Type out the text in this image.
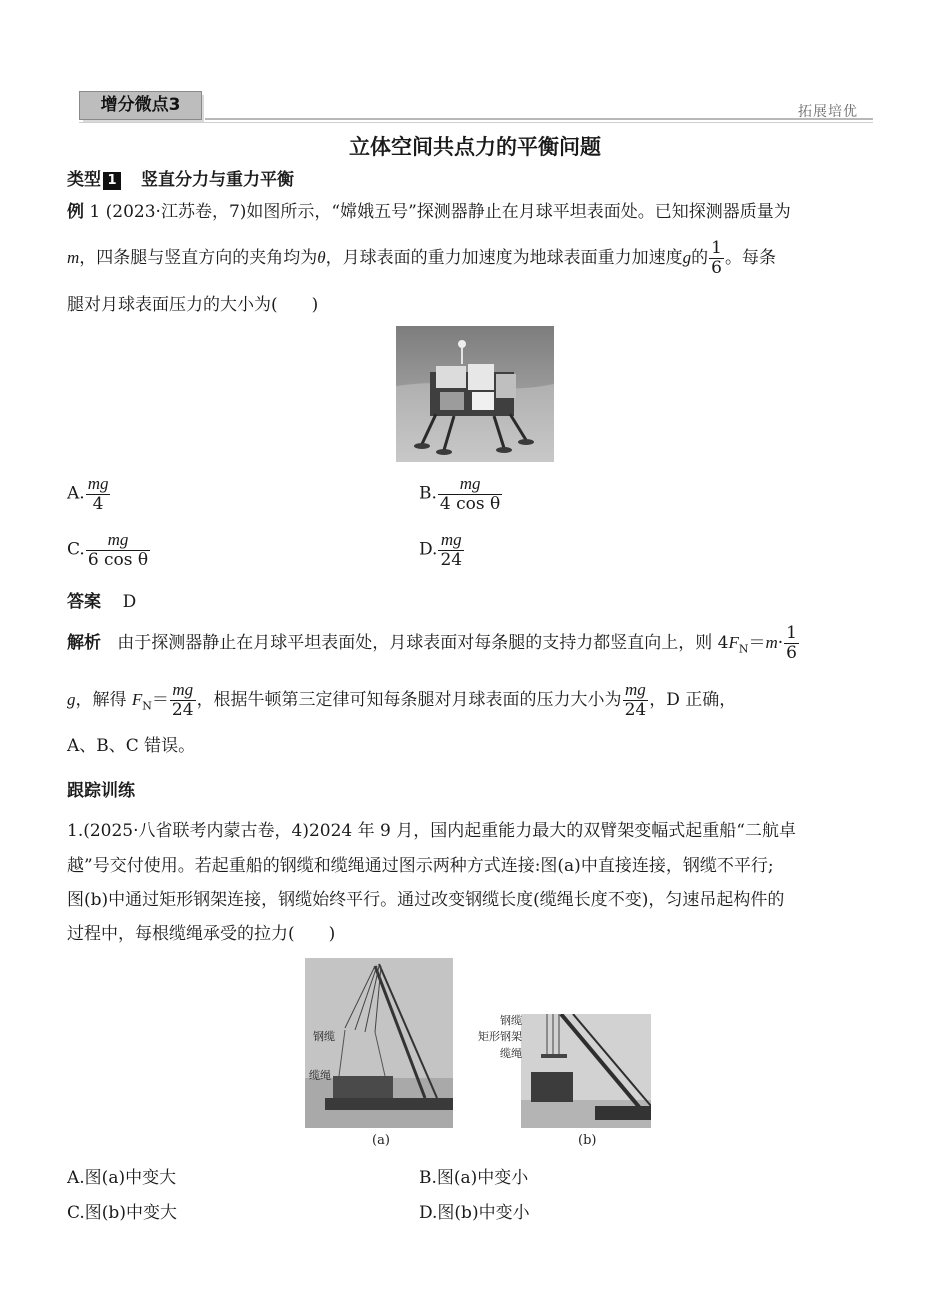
增分微点3	拓展培优
立体空间共点力的平衡问题
类型 1 竖直分力与重力平衡
例 1 (2023·江苏卷，7)如图所示，“嫦娥五号”探测器静止在月球平坦表面处。已知探测器质量为
m，四条腿与竖直方向的夹角均为θ，月球表面的重力加速度为地球表面重力加速度g的 $\frac{1}{6}$ 。每条
腿对月球表面压力的大小为(　　)
A. $\frac{mg}{4}$	B. $\frac{mg}{\text{4 cos θ}}$
C. $\frac{mg}{\text{6 cos θ}}$	D. $\frac{mg}{24}$
答案 D
解析 由于探测器静止在月球平坦表面处，月球表面对每条腿的支持力都竖直向上，则 $4F_N=m\cdot \frac{1}{6}$
g，解得 $F_N= \frac{mg}{24}$ ，根据牛顿第三定律可知每条腿对月球表面的压力大小为 $\frac{mg}{24}$ ，D 正确，
A、B、C 错误。
跟踪训练
1.(2025·八省联考内蒙古卷，4)2024 年 9 月，国内起重能力最大的双臂架变幅式起重船“二航卓
越”号交付使用。若起重船的钢缆和缆绳通过图示两种方式连接:图(a)中直接连接，钢缆不平行;
图(b)中通过矩形钢架连接，钢缆始终平行。通过改变钢缆长度(缆绳长度不变)，匀速吊起构件的
过程中，每根缆绳承受的拉力(　　)
钢缆
缆绳
钢缆
矩形钢架
缆绳
(a)	(b)
A.图(a)中变大	B.图(a)中变小
C.图(b)中变大	D.图(b)中变小
